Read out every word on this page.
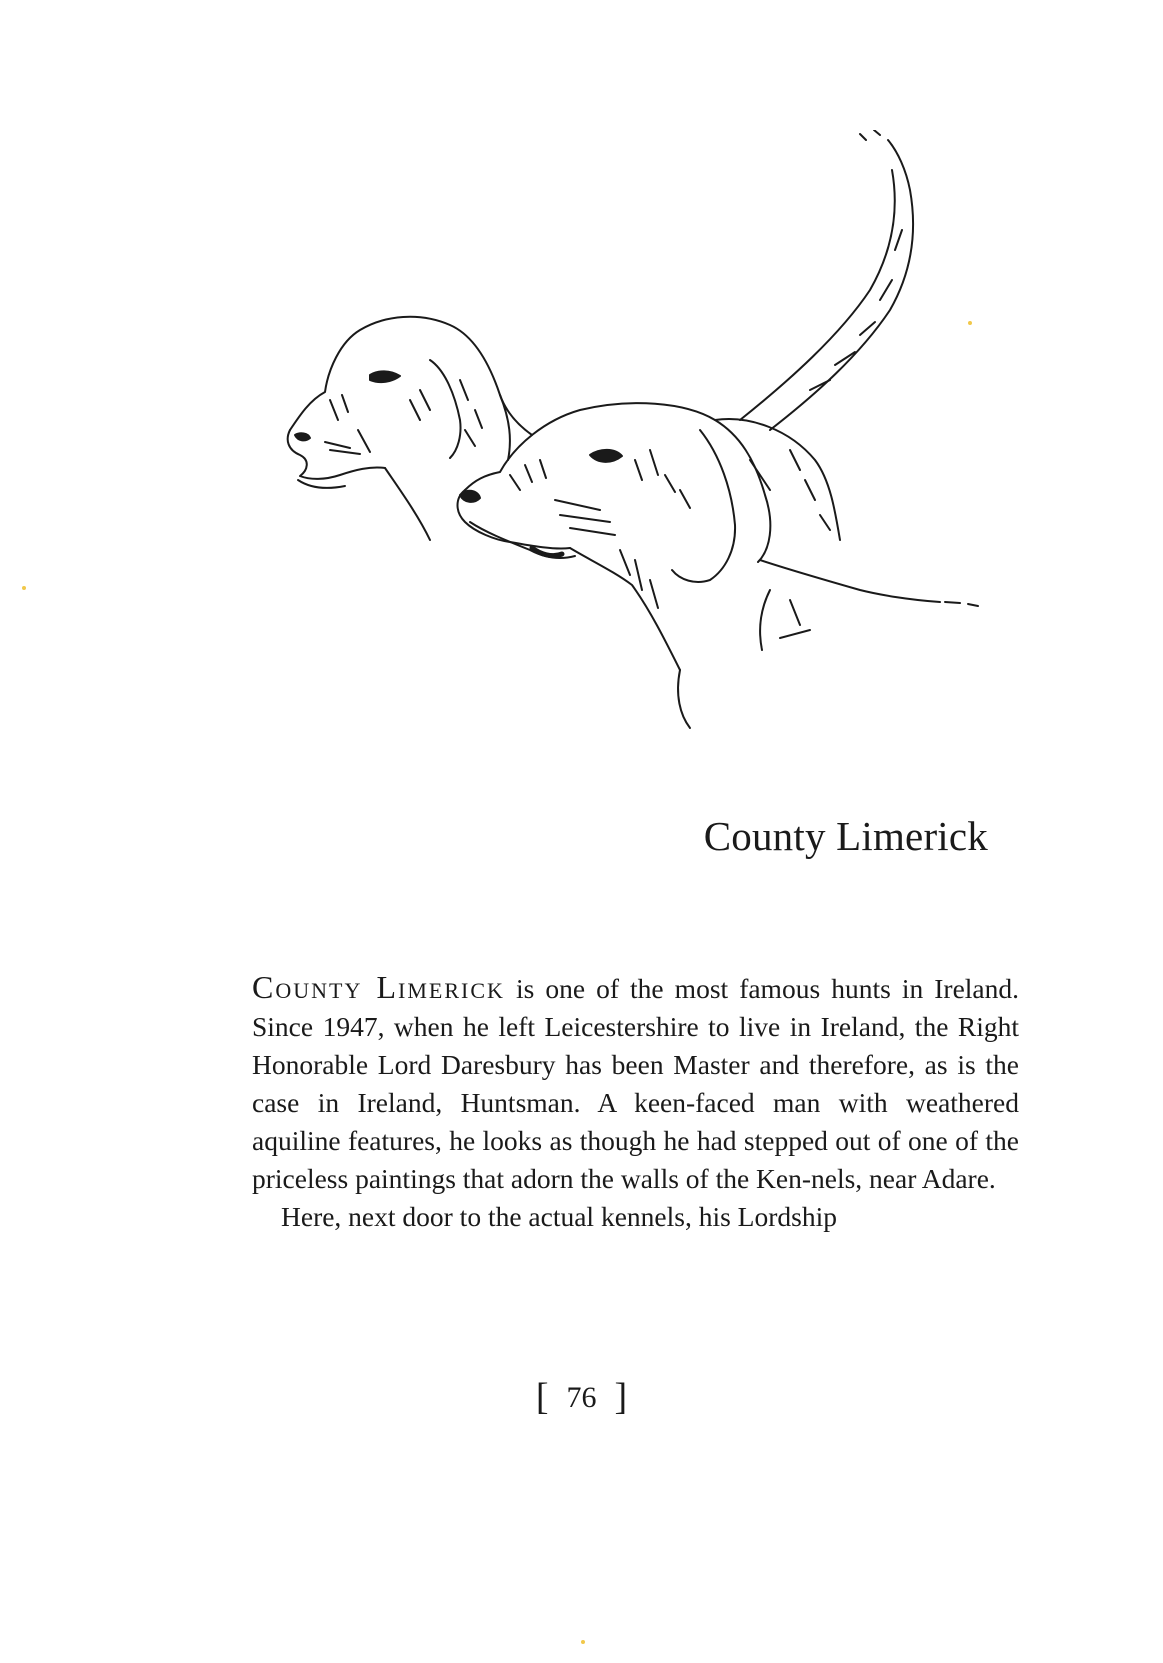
County Limerick

County Limerick is one of the most famous hunts in Ireland. Since 1947, when he left Leicestershire to live in Ireland, the Right Honorable Lord Daresbury has been Master and therefore, as is the case in Ireland, Huntsman. A keen-faced man with weathered aquiline features, he looks as though he had stepped out of one of the priceless paintings that adorn the walls of the Ken-nels, near Adare.

Here, next door to the actual kennels, his Lordship

[ 76 ]
